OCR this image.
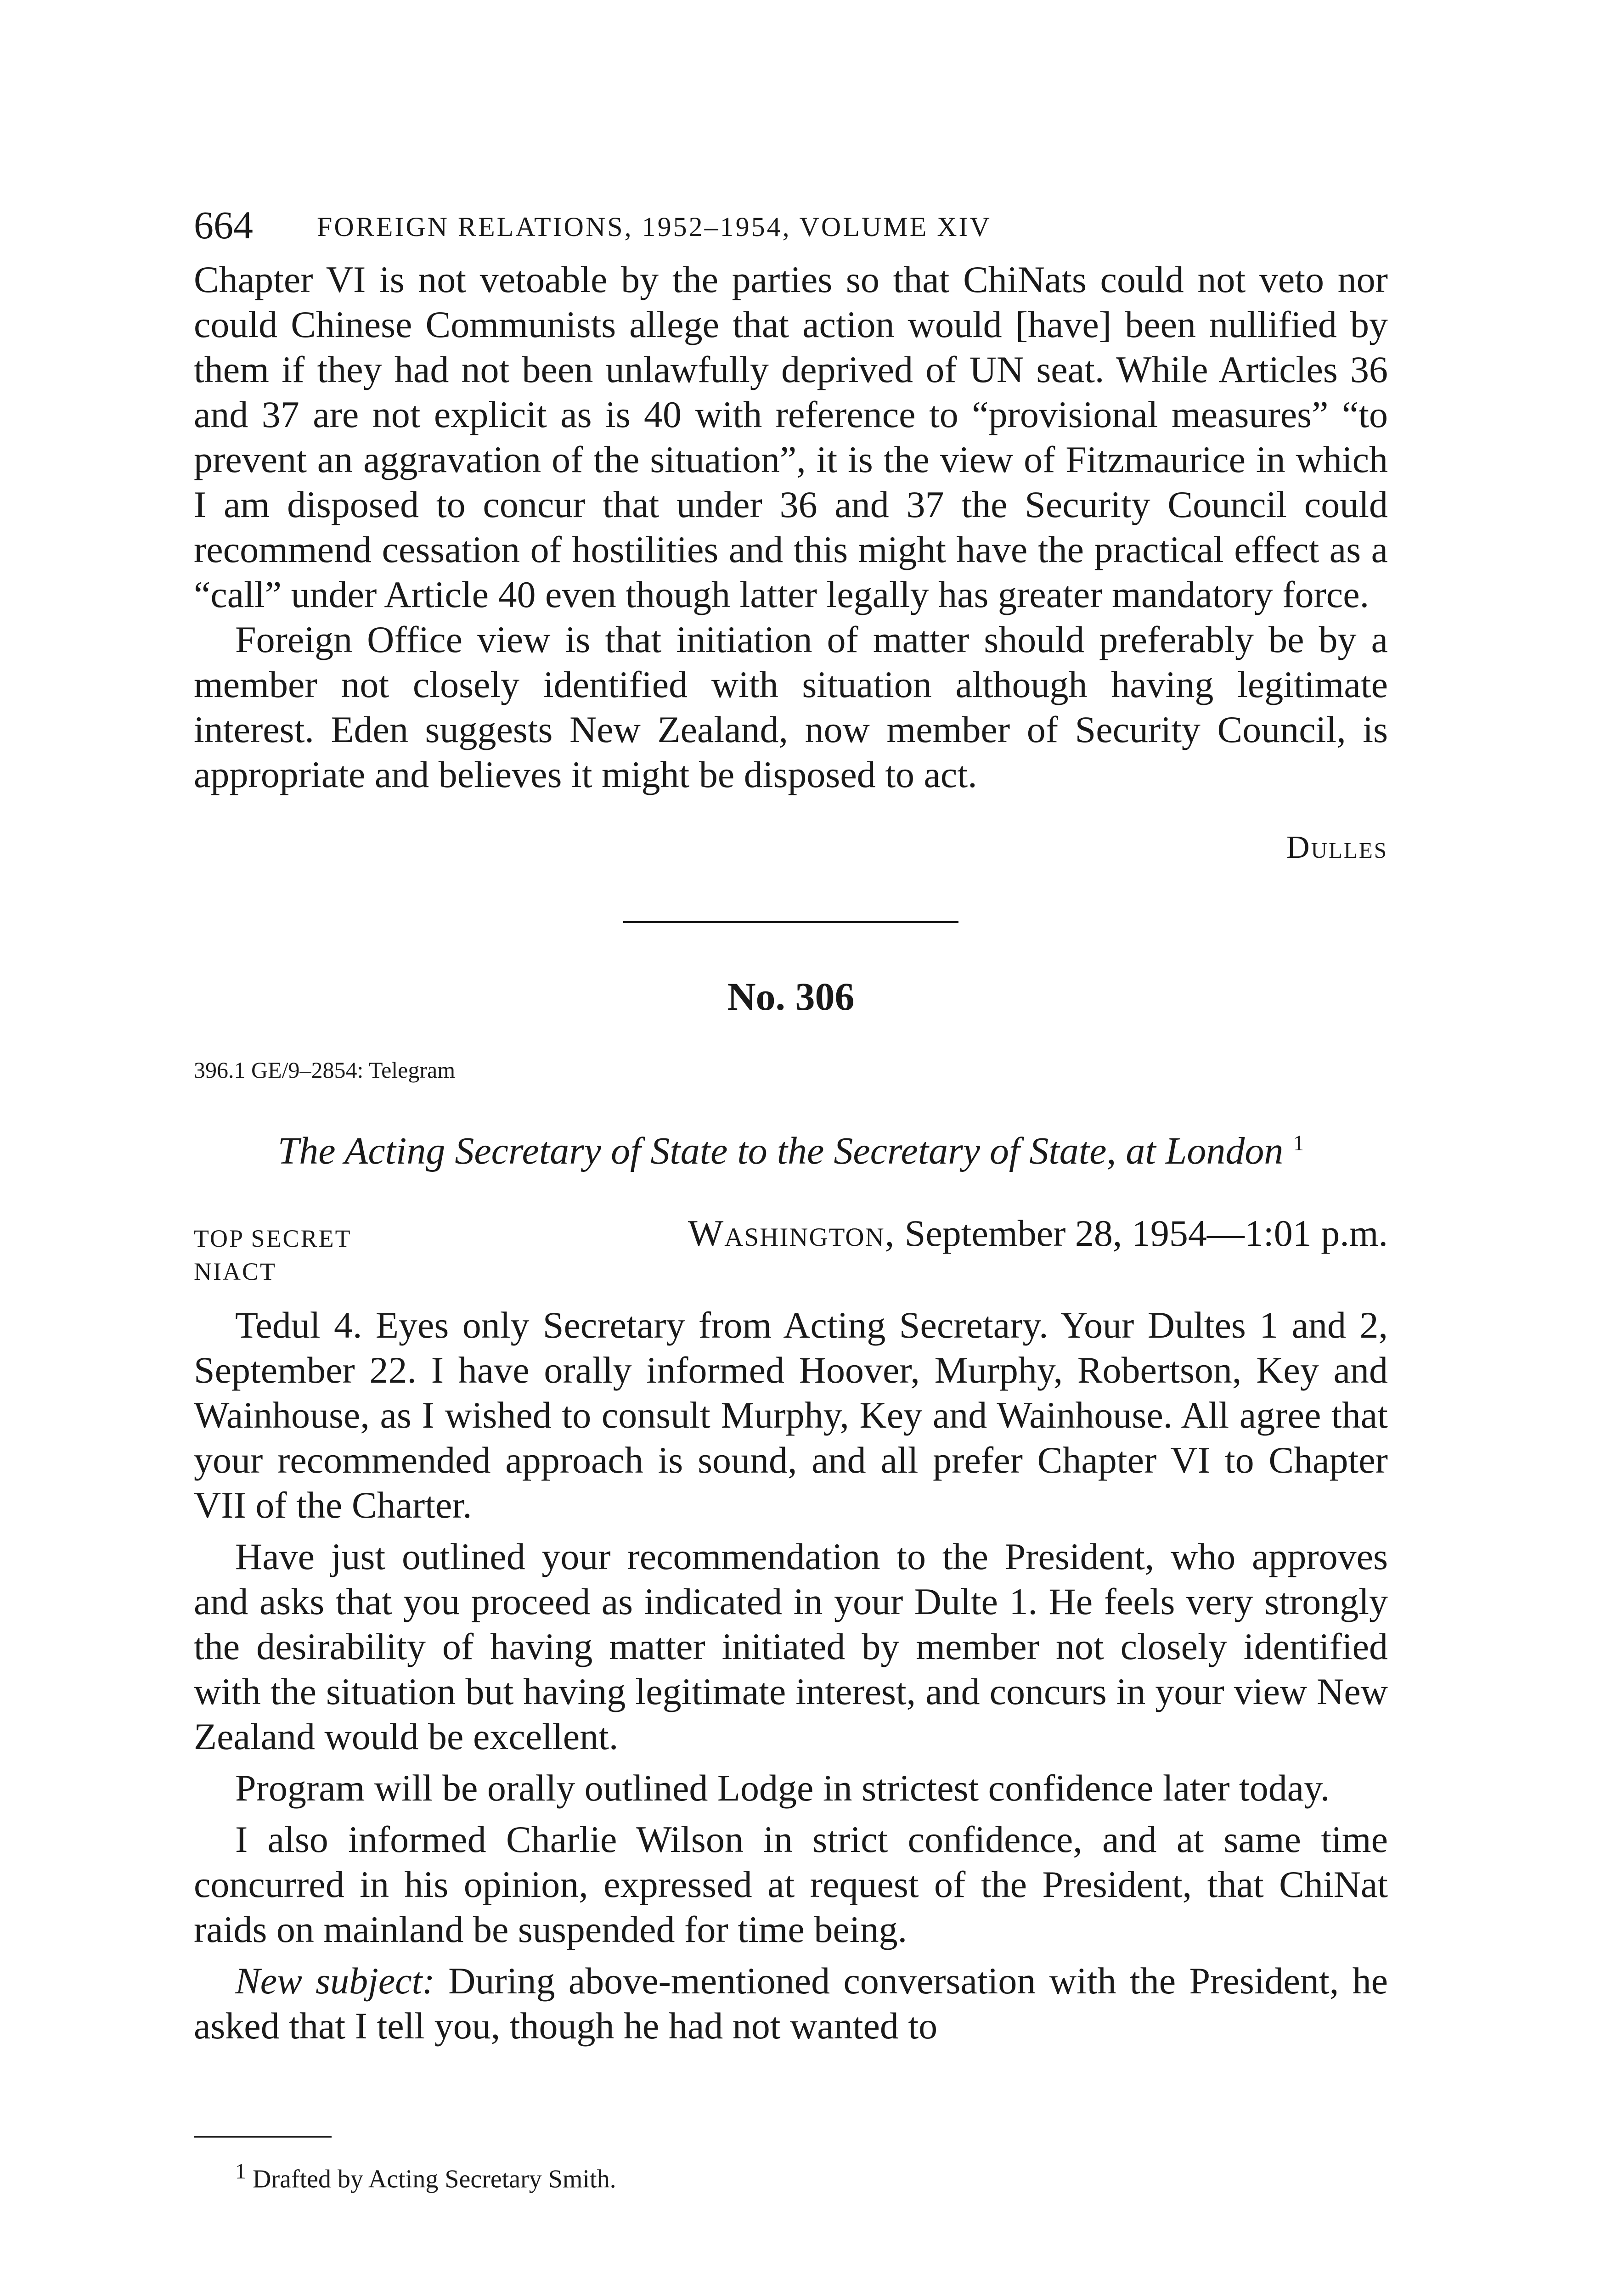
664 FOREIGN RELATIONS, 1952–1954, VOLUME XIV

Chapter VI is not vetoable by the parties so that ChiNats could not veto nor could Chinese Communists allege that action would [have] been nullified by them if they had not been unlawfully deprived of UN seat. While Articles 36 and 37 are not explicit as is 40 with reference to “provisional measures” “to prevent an aggravation of the situation”, it is the view of Fitzmaurice in which I am disposed to concur that under 36 and 37 the Security Council could recommend cessation of hostilities and this might have the practical effect as a “call” under Article 40 even though latter legally has greater mandatory force.

Foreign Office view is that initiation of matter should preferably be by a member not closely identified with situation although having legitimate interest. Eden suggests New Zealand, now member of Security Council, is appropriate and believes it might be disposed to act.

Dulles
No. 306
396.1 GE/9–2854: Telegram
The Acting Secretary of State to the Secretary of State, at London $^1$
TOP SECRET
NIACT
Washington, September 28, 1954—1:01 p.m.

Tedul 4. Eyes only Secretary from Acting Secretary. Your Dultes 1 and 2, September 22. I have orally informed Hoover, Murphy, Robertson, Key and Wainhouse, as I wished to consult Murphy, Key and Wainhouse. All agree that your recommended approach is sound, and all prefer Chapter VI to Chapter VII of the Charter.

Have just outlined your recommendation to the President, who approves and asks that you proceed as indicated in your Dulte 1. He feels very strongly the desirability of having matter initiated by member not closely identified with the situation but having legitimate interest, and concurs in your view New Zealand would be excellent.

Program will be orally outlined Lodge in strictest confidence later today.

I also informed Charlie Wilson in strict confidence, and at same time concurred in his opinion, expressed at request of the President, that ChiNat raids on mainland be suspended for time being.

New subject: During above-mentioned conversation with the President, he asked that I tell you, though he had not wanted to

$^1$ Drafted by Acting Secretary Smith.
